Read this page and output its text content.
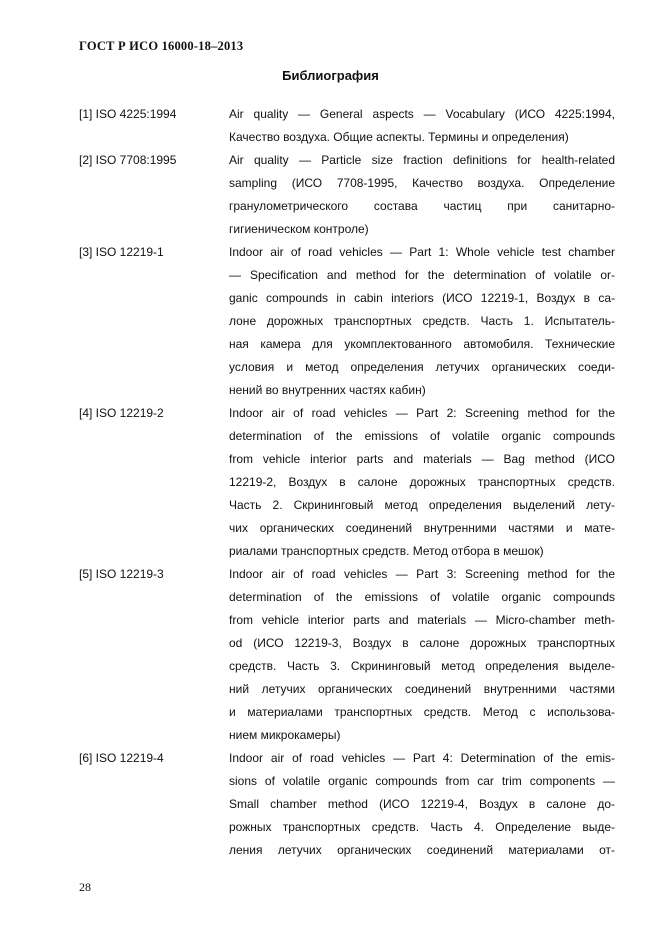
ГОСТ Р ИСО 16000-18–2013
Библиография
[1] ISO 4225:1994	Air quality — General aspects — Vocabulary (ИСО 4225:1994,
Качество воздуха. Общие аспекты. Термины и определения)
[2] ISO 7708:1995	Air quality — Particle size fraction definitions for health-related
sampling (ИСО 7708-1995, Качество воздуха. Определение
гранулометрического состава частиц при санитарно-
гигиеническом контроле)
[3] ISO 12219-1	Indoor air of road vehicles — Part 1: Whole vehicle test chamber
— Specification and method for the determination of volatile or-
ganic compounds in cabin interiors (ИСО 12219-1, Воздух в са-
лоне дорожных транспортных средств. Часть 1. Испытатель-
ная камера для укомплектованного автомобиля. Технические
условия и метод определения летучих органических соеди-
нений во внутренних частях кабин)
[4] ISO 12219-2	Indoor air of road vehicles — Part 2: Screening method for the
determination of the emissions of volatile organic compounds
from vehicle interior parts and materials — Bag method (ИСО
12219-2, Воздух в салоне дорожных транспортных средств.
Часть 2. Скрининговый метод определения выделений лету-
чих органических соединений внутренними частями и мате-
риалами транспортных средств. Метод отбора в мешок)
[5] ISO 12219-3	Indoor air of road vehicles — Part 3: Screening method for the
determination of the emissions of volatile organic compounds
from vehicle interior parts and materials — Micro-chamber meth-
od (ИСО 12219-3, Воздух в салоне дорожных транспортных
средств. Часть 3. Скрининговый метод определения выделе-
ний летучих органических соединений внутренними частями
и материалами транспортных средств. Метод с использова-
нием микрокамеры)
[6] ISO 12219-4	Indoor air of road vehicles — Part 4: Determination of the emis-
sions of volatile organic compounds from car trim components —
Small chamber method (ИСО 12219-4, Воздух в салоне до-
рожных транспортных средств. Часть 4. Определение выде-
ления летучих органических соединений материалами от-
28
